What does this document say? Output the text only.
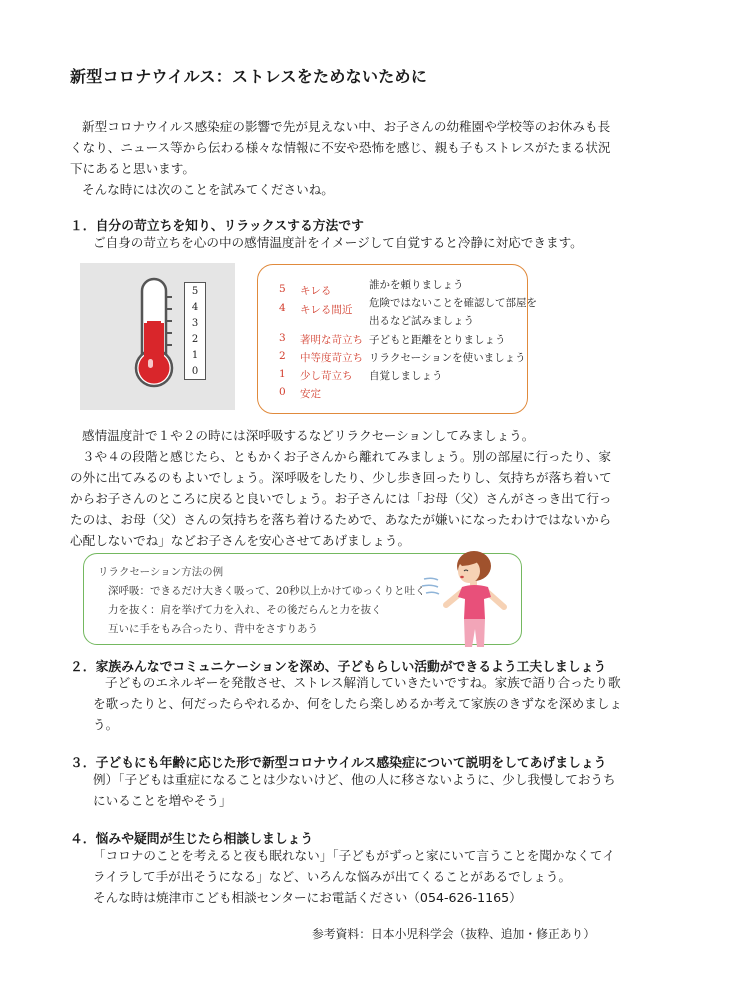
新型コロナウイルス：ストレスをためないために
新型コロナウイルス感染症の影響で先が見えない中、お子さんの幼稚園や学校等のお休みも長
くなり、ニュース等から伝わる様々な情報に不安や恐怖を感じ、親も子もストレスがたまる状況
下にあると思います。
そんな時には次のことを試みてくださいね。
１．自分の苛立ちを知り、リラックスする方法です
ご自身の苛立ちを心の中の感情温度計をイメージして自覚すると冷静に対応できます。
5
4
3
2
1
0
5 キレる
4 キレる間近
3 著明な苛立ち
2 中等度苛立ち
1 少し苛立ち
0 安定
誰かを頼りましょう
危険ではないことを確認して部屋を
出るなど試みましょう
子どもと距離をとりましょう
リラクセーションを使いましょう
自覚しましょう
感情温度計で１や２の時には深呼吸するなどリラクセーションしてみましょう。
３や４の段階と感じたら、ともかくお子さんから離れてみましょう。別の部屋に行ったり、家
の外に出てみるのもよいでしょう。深呼吸をしたり、少し歩き回ったりし、気持ちが落ち着いて
からお子さんのところに戻ると良いでしょう。お子さんには「お母（父）さんがさっき出て行っ
たのは、お母（父）さんの気持ちを落ち着けるためで、あなたが嫌いになったわけではないから
心配しないでね」などお子さんを安心させてあげましょう。
リラクセーション方法の例
深呼吸：できるだけ大きく吸って、20秒以上かけてゆっくりと吐く
力を抜く：肩を挙げて力を入れ、その後だらんと力を抜く
互いに手をもみ合ったり、背中をさすりあう
２．家族みんなでコミュニケーションを深め、子どもらしい活動ができるよう工夫しましょう
子どものエネルギーを発散させ、ストレス解消していきたいですね。家族で語り合ったり歌
を歌ったりと、何だったらやれるか、何をしたら楽しめるか考えて家族のきずなを深めましょ
う。
３．子どもにも年齢に応じた形で新型コロナウイルス感染症について説明をしてあげましょう
例）「子どもは重症になることは少ないけど、他の人に移さないように、少し我慢しておうち
にいることを増やそう」
４．悩みや疑問が生じたら相談しましょう
「コロナのことを考えると夜も眠れない」「子どもがずっと家にいて言うことを聞かなくてイ
ライラして手が出そうになる」など、いろんな悩みが出てくることがあるでしょう。
そんな時は焼津市こども相談センターにお電話ください（054-626-1165）
参考資料：日本小児科学会（抜粋、追加・修正あり）
